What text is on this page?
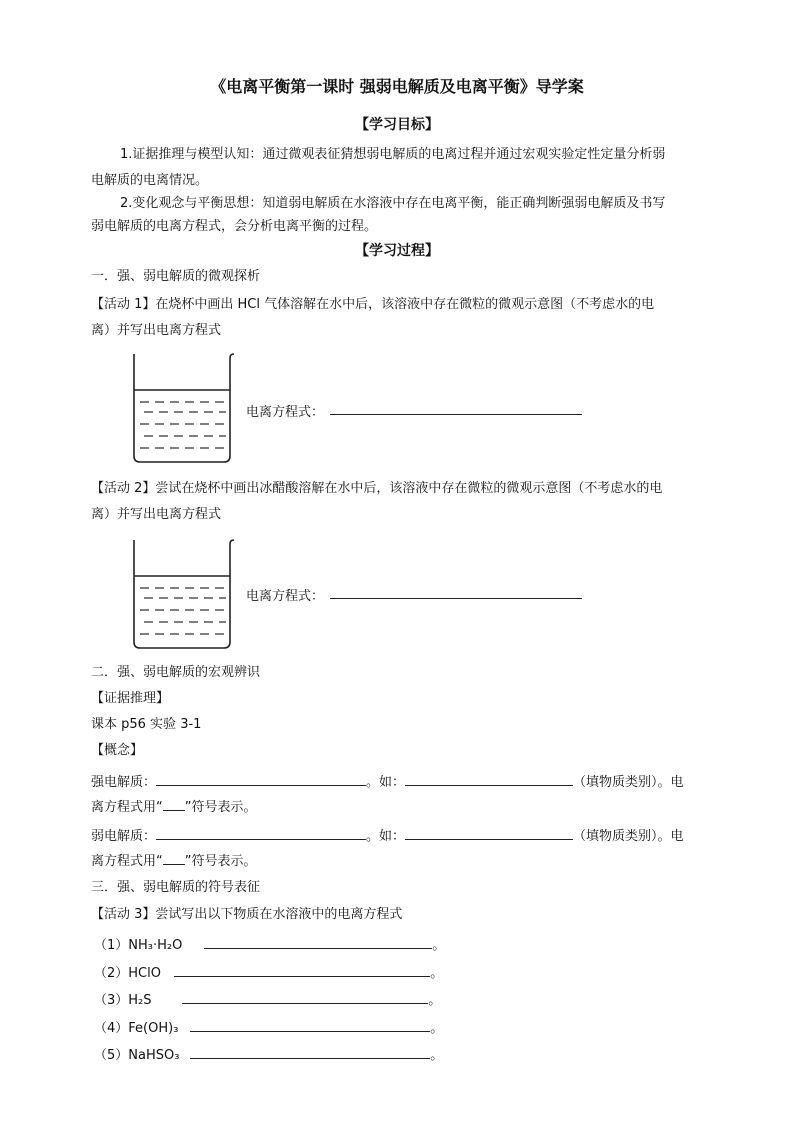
《电离平衡第一课时 强弱电解质及电离平衡》导学案
【学习目标】
1.证据推理与模型认知：通过微观表征猜想弱电解质的电离过程并通过宏观实验定性定量分析弱
电解质的电离情况。
2.变化观念与平衡思想：知道弱电解质在水溶液中存在电离平衡，能正确判断强弱电解质及书写
弱电解质的电离方程式，会分析电离平衡的过程。
【学习过程】
一．强、弱电解质的微观探析
【活动 1】在烧杯中画出 HCl 气体溶解在水中后，该溶液中存在微粒的微观示意图（不考虑水的电
离）并写出电离方程式
电离方程式：
【活动 2】尝试在烧杯中画出冰醋酸溶解在水中后，该溶液中存在微粒的微观示意图（不考虑水的电
离）并写出电离方程式
电离方程式：
二．强、弱电解质的宏观辨识
【证据推理】
课本 p56 实验 3-1
【概念】
强电解质：	。如：	（填物质类别）。电
离方程式用“ ”符号表示。
弱电解质：	。如：	（填物质类别）。电
离方程式用“ ”符号表示。
三．强、弱电解质的符号表征
【活动 3】尝试写出以下物质在水溶液中的电离方程式
（1）NH₃·H₂O	。
（2）HClO	。
（3）H₂S	。
（4）Fe(OH)₃	。
（5）NaHSO₃	。
